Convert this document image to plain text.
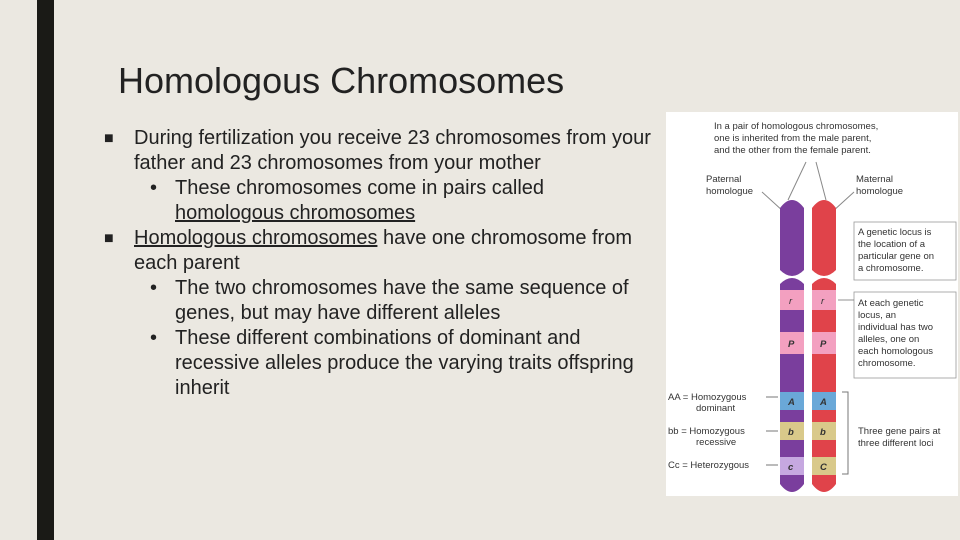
Homologous Chromosomes

■ During fertilization you receive 23 chromosomes from your father and 23 chromosomes from your mother

• These chromosomes come in pairs called homologous chromosomes

■ Homologous chromosomes have one chromosome from each parent

• The two chromosomes have the same sequence of genes, but may have different alleles

• These different combinations of dominant and recessive alleles produce the varying traits offspring inherit

In a pair of homologous chromosomes,
one is inherited from the male parent,
and the other from the female parent.
Paternal
homologue
Maternal
homologue
r	r
P	P
A	A
b	b
c	C
A genetic locus is
the location of a
particular gene on
a chromosome.
At each genetic
locus, an
individual has two
alleles, one on
each homologous
chromosome.
Three gene pairs at
three different loci
AA = Homozygous
dominant
bb = Homozygous
recessive
Cc = Heterozygous
